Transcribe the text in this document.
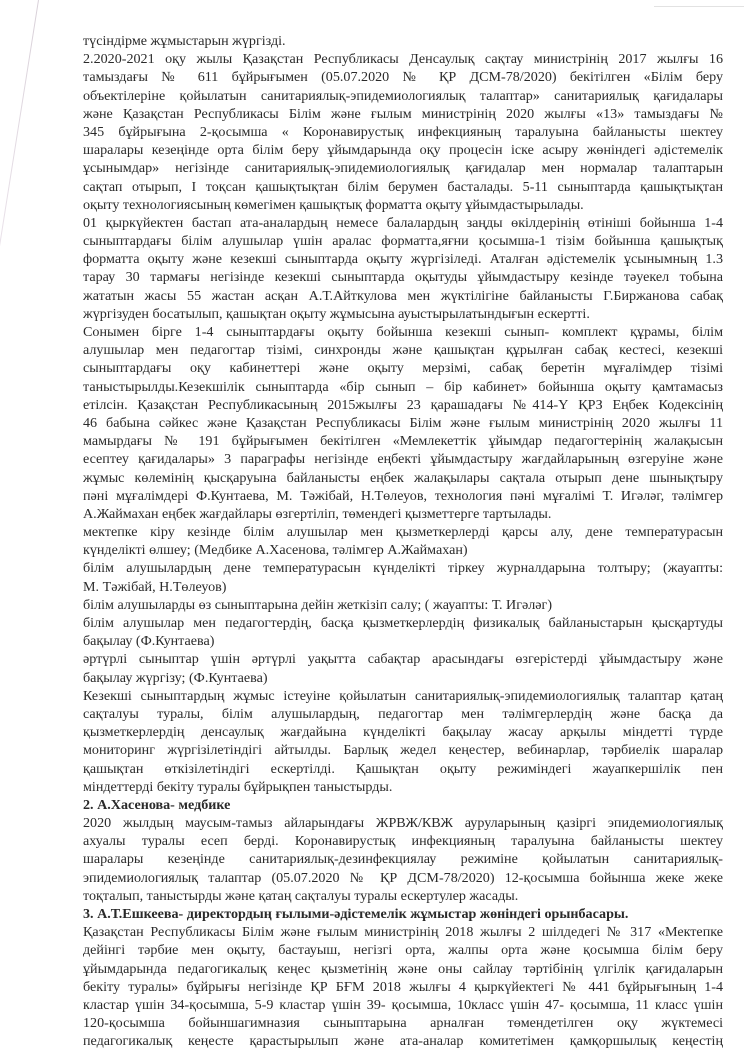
түсіндірме жұмыстарын жүргізді.
2.2020-2021 оқу жылы Қазақстан Республикасы Денсаулық сақтау министрінің 2017 жылғы 16
тамыздағы № 611 бұйрығымен (05.07.2020 № ҚР ДСМ-78/2020) бекітілген «Білім беру
объектілеріне қойылатын санитариялық-эпидемиологиялық талаптар» санитариялық қағидалары
және Қазақстан Республикасы Білім және ғылым министрінің 2020 жылғы «13» тамыздағы №
345 бұйрығына 2-қосымша « Коронавирустық инфекцияның таралуына байланысты шектеу
шаралары кезеңінде орта білім беру ұйымдарында оқу процесін іске асыру жөніндегі әдістемелік
ұсынымдар» негізінде санитариялық-эпидемиологиялық қағидалар мен нормалар талаптарын
сақтап отырып, I тоқсан қашықтықтан білім берумен басталады. 5-11 сыныптарда қашықтықтан
оқыту технологиясының көмегімен қашықтық форматта оқыту ұйымдастырылады.
01 қыркүйектен бастап ата-аналардың немесе балалардың заңды өкілдерінің өтініші бойынша 1-4
сыныптардағы білім алушылар үшін аралас форматта,яғни қосымша-1 тізім бойынша қашықтық
форматта оқыту және кезекші сыныптарда оқыту жүргізіледі. Аталған әдістемелік ұсынымның 1.3
тарау 30 тармағы негізінде кезекші сыныптарда оқытуды ұйымдастыру кезінде тәуекел тобына
жататын жасы 55 жастан асқан А.Т.Айткулова мен жүктілігіне байланысты Г.Биржанова сабақ
жүргізуден босатылып, қашықтан оқыту жұмысына ауыстырылатындығын ескертті.
Сонымен бірге 1-4 сыныптардағы оқыту бойынша кезекші сынып- комплект құрамы, білім
алушылар мен педагогтар тізімі, синхронды және қашықтан құрылған сабақ кестесі, кезекші
сыныптардағы оқу кабинеттері және оқыту мерзімі, сабақ беретін мұғалімдер тізімі
таныстырылды.Кезекшілік сыныптарда «бір сынып – бір кабинет» бойынша оқыту қамтамасыз
етілсін. Қазақстан Республикасының 2015жылғы 23 қарашадағы №414-Ү ҚРЗ Еңбек Кодексінің
46 бабына сәйкес және Қазақстан Республикасы Білім және ғылым министрінің 2020 жылғы 11
мамырдағы № 191 бұйрығымен бекітілген «Мемлекеттік ұйымдар педагогтерінің жалақысын
есептеу қағидалары» 3 параграфы негізінде еңбекті ұйымдастыру жағдайларының өзгеруіне және
жұмыс көлемінің қысқаруына байланысты еңбек жалақылары сақтала отырып дене шынықтыру
пәні мұғалімдері Ф.Кунтаева, М. Тәжібай, Н.Төлеуов, технология пәні мұғалімі Т. Игәләг, тәлімгер
А.Жаймахан еңбек жағдайлары өзгертіліп, төмендегі қызметтерге тартылады.
мектепке кіру кезінде білім алушылар мен қызметкерлерді қарсы алу, дене температурасын
күнделікті өлшеу; (Медбике А.Хасенова, тәлімгер А.Жаймахан)
білім алушылардың дене температурасын күнделікті тіркеу журналдарына толтыру; (жауапты:
М. Тәжібай, Н.Төлеуов)
білім алушыларды өз сыныптарына дейін жеткізіп салу; ( жауапты: Т. Игәләг)
білім алушылар мен педагогтердің, басқа қызметкерлердің физикалық байланыстарын қысқартуды
бақылау (Ф.Кунтаева)
әртүрлі сыныптар үшін әртүрлі уақытта сабақтар арасындағы өзгерістерді ұйымдастыру және
бақылау жүргізу; (Ф.Кунтаева)
Кезекші сыныптардың жұмыс істеуіне қойылатын санитариялық-эпидемиологиялық талаптар қатаң
сақталуы туралы, білім алушылардың, педагогтар мен тәлімгерлердің және басқа да
қызметкерлердің денсаулық жағдайына күнделікті бақылау жасау арқылы міндетті түрде
мониторинг жүргізілетіндігі айтылды. Барлық жедел кеңестер, вебинарлар, тәрбиелік шаралар
қашықтан өткізілетіндігі ескертілді. Қашықтан оқыту режиміндегі жауапкершілік пен
міндеттерді бекіту туралы бұйрықпен таныстырды.
2. А.Хасенова- медбике
2020 жылдың маусым-тамыз айларындағы ЖРВЖ/КВЖ ауруларының қазіргі эпидемиологиялық
ахуалы туралы есеп берді. Коронавирустық инфекцияның таралуына байланысты шектеу
шаралары кезеңінде санитариялық-дезинфекциялау режиміне қойылатын санитариялық-
эпидемиологиялық талаптар (05.07.2020 № ҚР ДСМ-78/2020) 12-қосымша бойынша жеке жеке
тоқталып, таныстырды және қатаң сақталуы туралы ескертулер жасады.
3. А.Т.Ешкеева- директордың ғылыми-әдістемелік жұмыстар жөніндегі орынбасары.
Қазақстан Республикасы Білім және ғылым министрінің 2018 жылғы 2 шілдедегі № 317 «Мектепке
дейінгі тәрбие мен оқыту, бастауыш, негізгі орта, жалпы орта және қосымша білім беру
ұйымдарында педагогикалық кеңес қызметінің және оны сайлау тәртібінің үлгілік қағидаларын
бекіту туралы» бұйрығы негізінде ҚР БҒМ 2018 жылғы 4 қыркүйектегі № 441 бұйрығының 1-4
кластар үшін 34-қосымша, 5-9 кластар үшін 39- қосымша, 10класс үшін 47- қосымша, 11 класс үшін
120-қосымша бойыншагимназия сыныптарына арналған төмендетілген оқу жүктемесі
педагогикалық кеңесте қарастырылып және ата-аналар комитетімен қамқоршылық кеңестің
